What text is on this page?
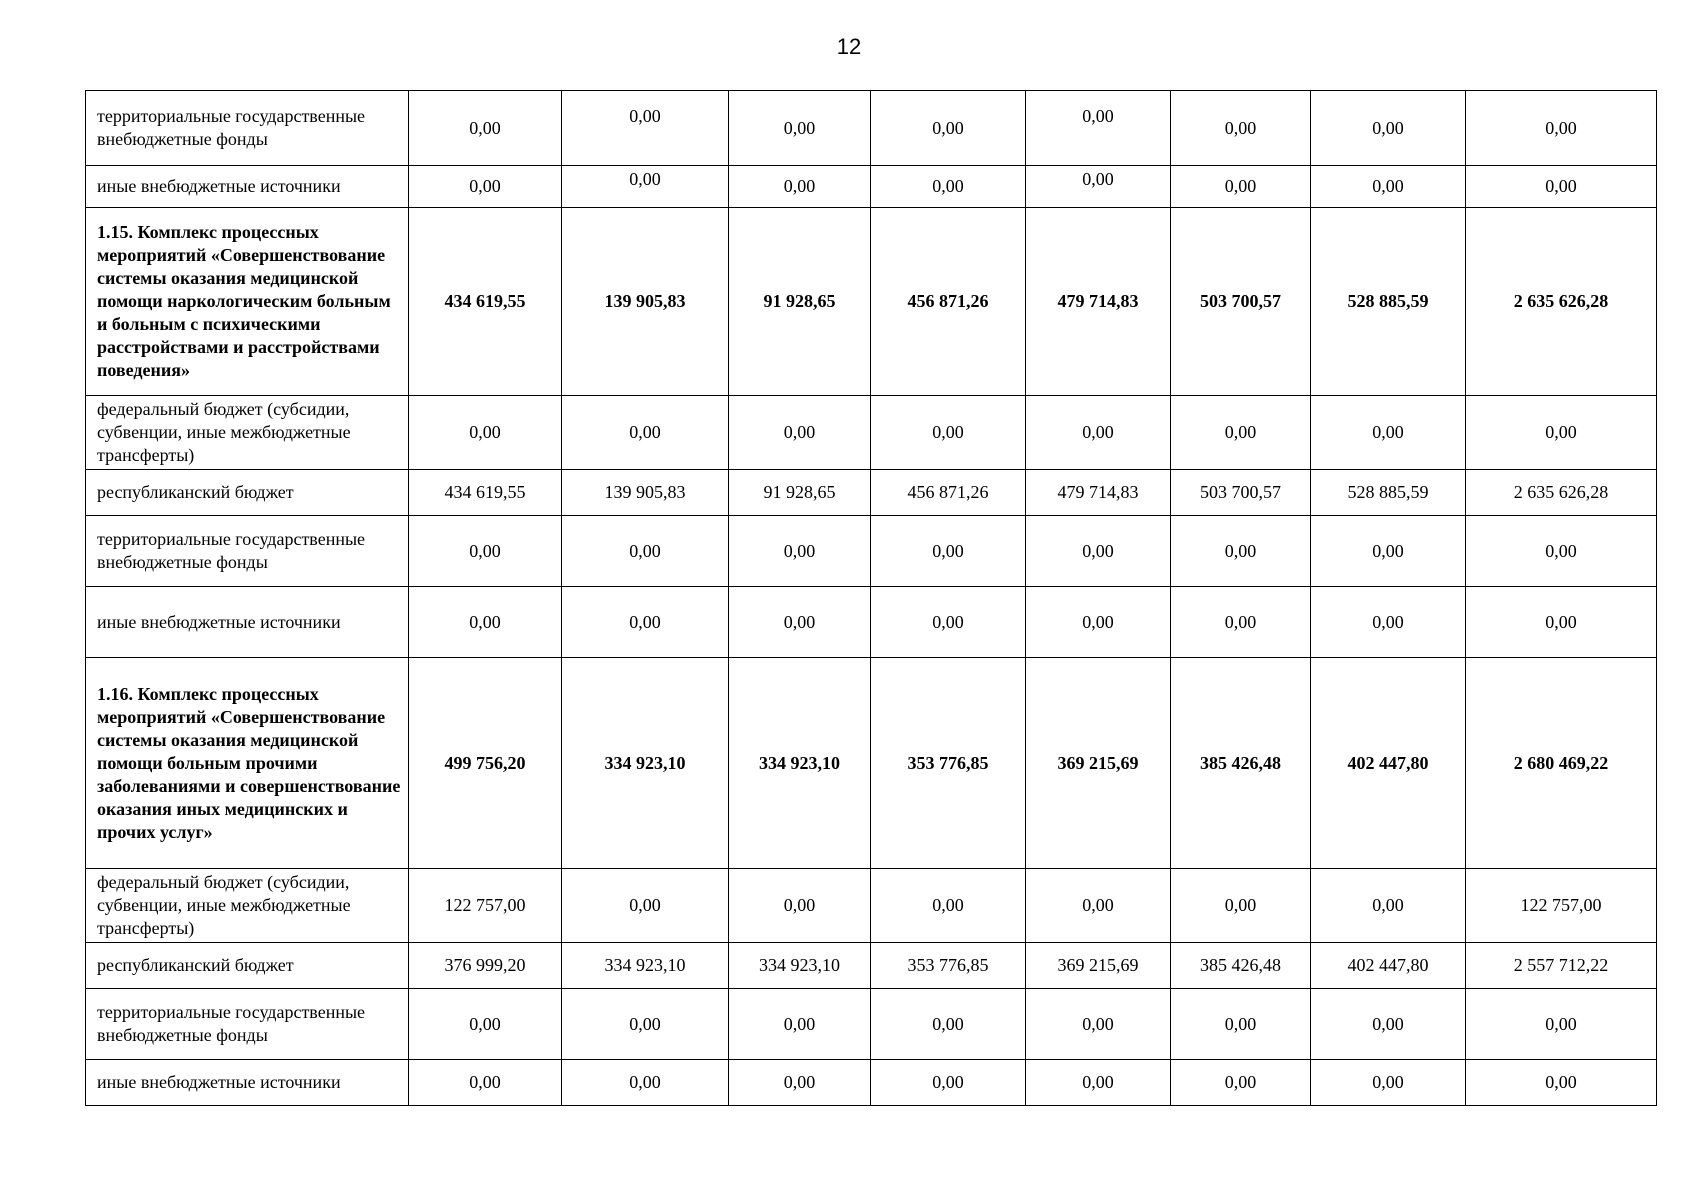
12
территориальные государственные внебюджетные фонды	0,00	0,00	0,00	0,00	0,00	0,00	0,00	0,00
иные внебюджетные источники	0,00	0,00	0,00	0,00	0,00	0,00	0,00	0,00
1.15. Комплекс процессных мероприятий «Совершенствование системы оказания медицинской помощи наркологическим больным и больным с психическими расстройствами и расстройствами поведения»	434 619,55	139 905,83	91 928,65	456 871,26	479 714,83	503 700,57	528 885,59	2 635 626,28
федеральный бюджет (субсидии, субвенции, иные межбюджетные трансферты)	0,00	0,00	0,00	0,00	0,00	0,00	0,00	0,00
республиканский бюджет	434 619,55	139 905,83	91 928,65	456 871,26	479 714,83	503 700,57	528 885,59	2 635 626,28
территориальные государственные внебюджетные фонды	0,00	0,00	0,00	0,00	0,00	0,00	0,00	0,00
иные внебюджетные источники	0,00	0,00	0,00	0,00	0,00	0,00	0,00	0,00
1.16. Комплекс процессных мероприятий «Совершенствование системы оказания медицинской помощи больным прочими заболеваниями и совершенствование оказания иных медицинских и прочих услуг»	499 756,20	334 923,10	334 923,10	353 776,85	369 215,69	385 426,48	402 447,80	2 680 469,22
федеральный бюджет (субсидии, субвенции, иные межбюджетные трансферты)	122 757,00	0,00	0,00	0,00	0,00	0,00	0,00	122 757,00
республиканский бюджет	376 999,20	334 923,10	334 923,10	353 776,85	369 215,69	385 426,48	402 447,80	2 557 712,22
территориальные государственные внебюджетные фонды	0,00	0,00	0,00	0,00	0,00	0,00	0,00	0,00
иные внебюджетные источники	0,00	0,00	0,00	0,00	0,00	0,00	0,00	0,00
